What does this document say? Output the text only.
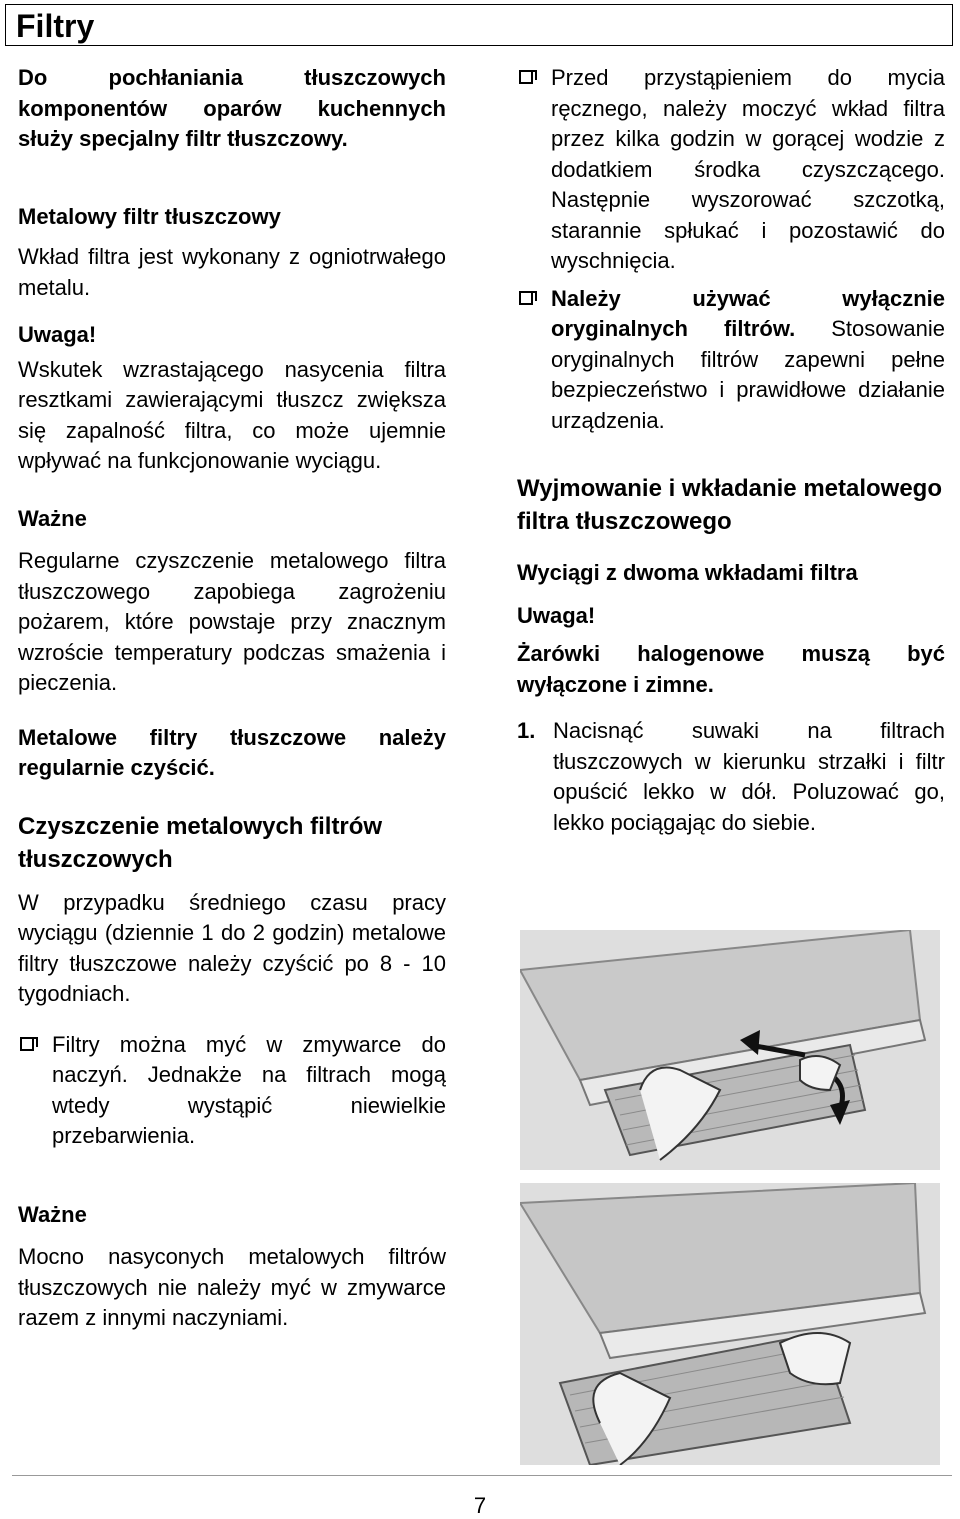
Filtry

Do pochłaniania tłuszczowych komponentów oparów kuchennych służy specjalny filtr tłuszczowy.

Metalowy filtr tłuszczowy

Wkład filtra jest wykonany z ogniotrwałego metalu.

Uwaga!

Wskutek wzrastającego nasycenia filtra resztkami zawierającymi tłuszcz zwiększa się zapalność filtra, co może ujemnie wpływać na funkcjonowanie wyciągu.

Ważne

Regularne czyszczenie metalowego filtra tłuszczowego zapobiega zagrożeniu pożarem, które powstaje przy znacznym wzroście temperatury podczas smażenia i pieczenia.

Metalowe filtry tłuszczowe należy regularnie czyścić.

Czyszczenie metalowych filtrów tłuszczowych

W przypadku średniego czasu pracy wyciągu (dziennie 1 do 2 godzin) metalowe filtry tłuszczowe należy czyścić po 8 - 10 tygodniach.

Filtry można myć w zmywarce do naczyń. Jednakże na filtrach mogą wtedy wystąpić niewielkie przebarwienia.

Ważne

Mocno nasyconych metalowych filtrów tłuszczowych nie należy myć w zmywarce razem z innymi naczyniami.

Przed przystąpieniem do mycia ręcznego, należy moczyć wkład filtra przez kilka godzin w gorącej wodzie z dodatkiem środka czyszczącego. Następnie wyszorować szczotką, starannie spłukać i pozostawić do wyschnięcia.
Należy używać wyłącznie oryginalnych filtrów. Stosowanie oryginalnych filtrów zapewni pełne bezpieczeństwo i prawidłowe działanie urządzenia.

Wyjmowanie i wkładanie metalowego filtra tłuszczowego

Wyciągi z dwoma wkładami filtra

Uwaga!

Żarówki halogenowe muszą być wyłączone i zimne.

1. Nacisnąć suwaki na filtrach tłuszczowych w kierunku strzałki i filtr opuścić lekko w dół. Poluzować go, lekko pociągając do siebie.
7
